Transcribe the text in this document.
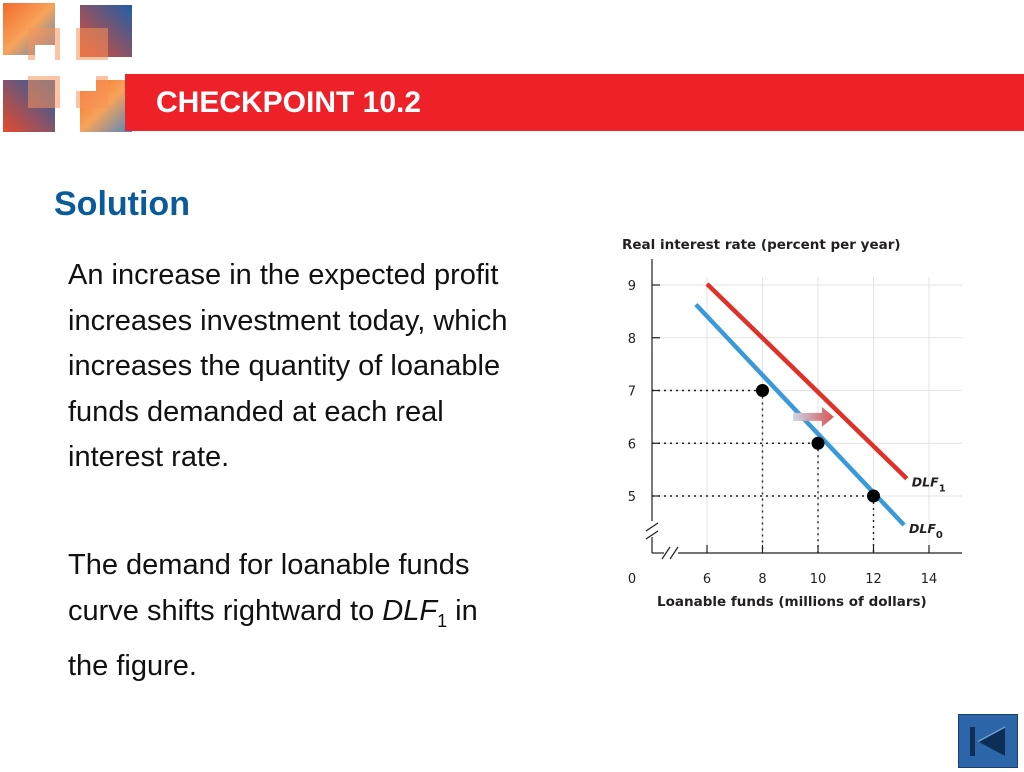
CHECKPOINT 10.2
Solution
An increase in the expected profit increases investment today, which increases the quantity of loanable funds demanded at each real interest rate.
The demand for loanable funds curve shifts rightward to $DLF_1$ in the figure.
Real interest rate (percent per year)
5
6
7
8
9
6	8	10	12	14
0
Loanable funds (millions of dollars)
$DLF_0$
$DLF_1$
